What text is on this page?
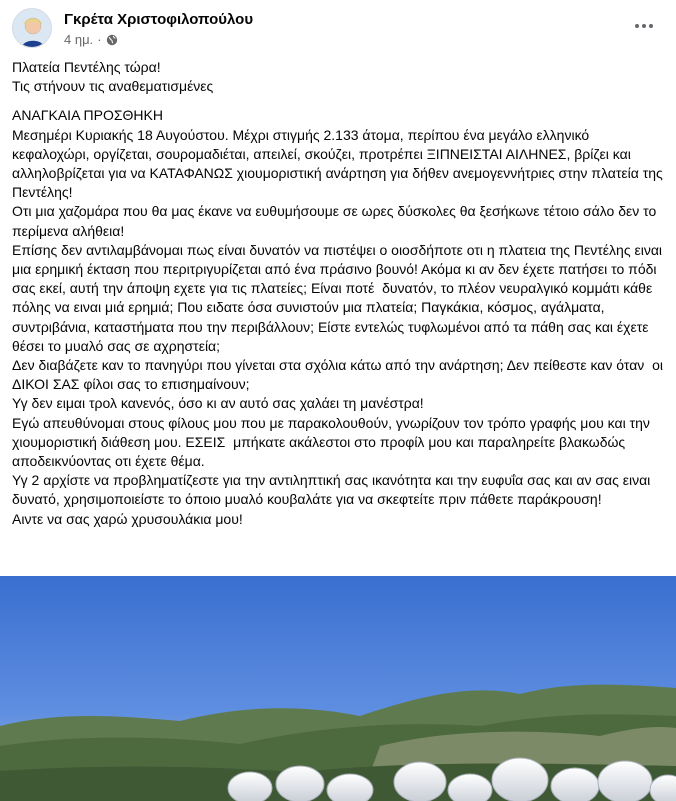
Γκρέτα Χριστοφιλοπούλου
4 ημ. ·

Πλατεία Πεντέλης τώρα!

Τις στήνουν τις αναθεματισμένες

ΑΝΑΓΚΑΙΑ ΠΡΟΣΘΗΚΗ

Μεσημέρι Κυριακής 18 Αυγούστου. Μέχρι στιγμής 2.133 άτομα, περίπου ένα μεγάλο ελληνικό κεφαλοχώρι, οργίζεται, σουρομαδιέται, απειλεί, σκούζει, προτρέπει ΞΙΠΝΕΙΣΤΑΙ ΑΙΛΗΝΕΣ, βρίζει και αλληλοβρίζεται για να ΚΑΤΑΦΑΝΩΣ χιουμοριστική ανάρτηση για δήθεν ανεμογεννήτριες στην πλατεία της Πεντέλης!

Οτι μια χαζομάρα που θα μας έκανε να ευθυμήσουμε σε ωρες δύσκολες θα ξεσήκωνε τέτοιο σάλο δεν το περίμενα αλήθεια!

Επίσης δεν αντιλαμβάνομαι πως είναι δυνατόν να πιστέψει ο οιοσδήποτε οτι η πλατεια της Πεντέλης ειναι μια ερημική έκταση που περιτριγυρίζεται από ένα πράσινο βουνό! Ακόμα κι αν δεν έχετε πατήσει το πόδι σας εκεί, αυτή την άποψη εχετε για τις πλατείες; Είναι ποτέ  δυνατόν, το πλέον νευραλγικό κομμάτι κάθε πόλης να ειναι μιά ερημιά; Που ειδατε όσα συνιστούν μια πλατεία; Παγκάκια, κόσμος, αγάλματα, συντριβάνια, καταστήματα που την περιβάλλουν; Είστε εντελώς τυφλωμένοι από τα πάθη σας και έχετε θέσει το μυαλό σας σε αχρηστεία;

Δεν διαβάζετε καν το πανηγύρι που γίνεται στα σχόλια κάτω από την ανάρτηση; Δεν πείθεστε καν όταν  οι ΔΙΚΟΙ ΣΑΣ φίλοι σας το επισημαίνουν;

Υγ δεν ειμαι τρολ κανενός, όσο κι αν αυτό σας χαλάει τη μανέστρα!

Εγώ απευθύνομαι στους φίλους μου που με παρακολουθούν, γνωρίζουν τον τρόπο γραφής μου και την χιουμοριστική διάθεση μου. ΕΣΕΙΣ  μπήκατε ακάλεστοι στο προφίλ μου και παραληρείτε βλακωδώς αποδεικνύοντας οτι έχετε θέμα.

Υγ 2 αρχίστε να προβληματίζεστε για την αντιληπτική σας ικανότητα και την ευφυΐα σας και αν σας ειναι δυνατό, χρησιμοποιείστε το όποιο μυαλό κουβαλάτε για να σκεφτείτε πριν πάθετε παράκρουση!

Αιντε να σας χαρώ χρυσουλάκια μου!
